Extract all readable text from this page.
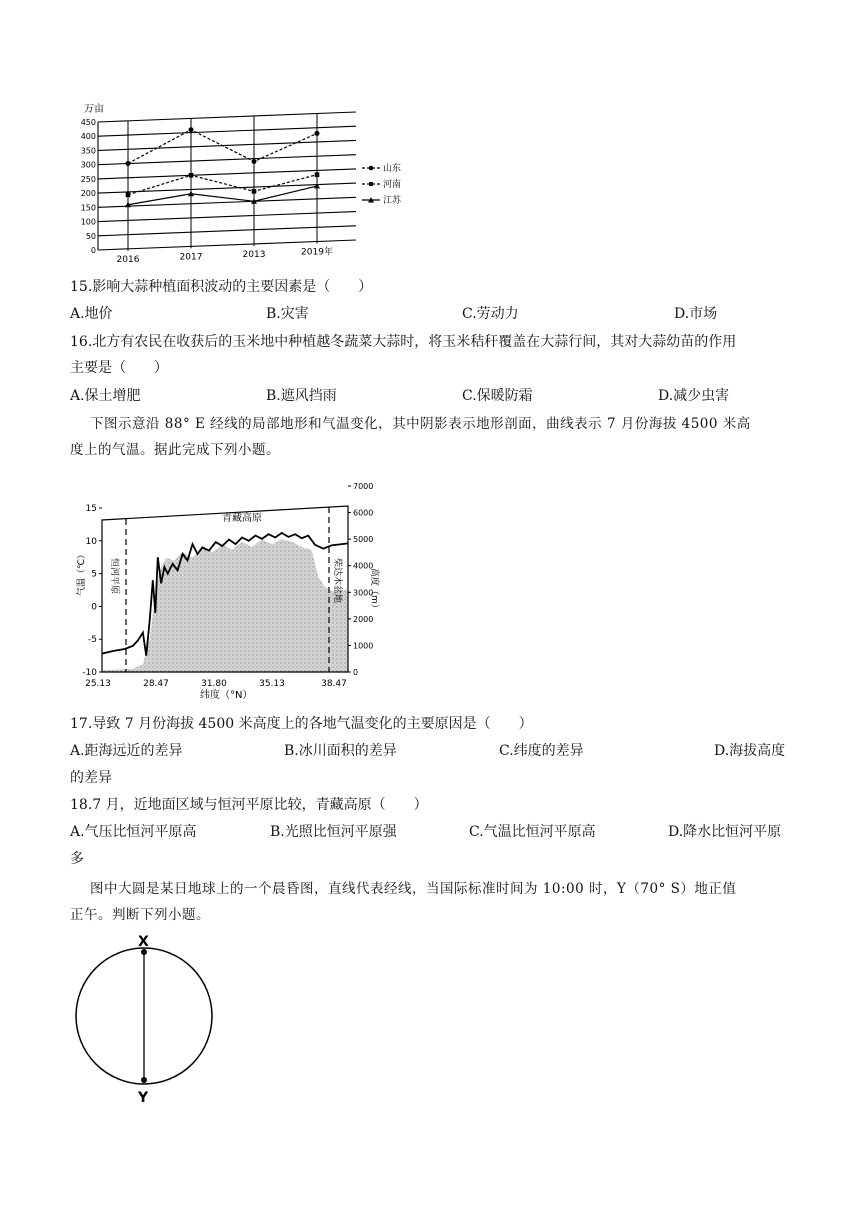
0
50
100
150
200
250
300
350
400
450
2016	2017	2013	2019年
山东
河南
江苏
万亩
15.影响大蒜种植面积波动的主要因素是（　　）
A.地价	B.灾害	C.劳动力	D.市场
16.北方有农民在收获后的玉米地中种植越冬蔬菜大蒜时，将玉米秸秆覆盖在大蒜行间，其对大蒜幼苗的作用
主要是（　　）
A.保土增肥	B.遮风挡雨	C.保暖防霜	D.减少虫害
下图示意沿 88° E 经线的局部地形和气温变化，其中阴影表示地形剖面，曲线表示 7 月份海拔 4500 米高
度上的气温。据此完成下列小题。
-10
-5
0
5
10
15
0
1000
2000
3000
4000
5000
6000
7000
25.13	28.47	31.80	35.13	38.47
青藏高原
纬度（°N）
气温（℃）	高度（m）
恒河平原	柴达木盆地
17.导致 7 月份海拔 4500 米高度上的各地气温变化的主要原因是（　　）
A.距海远近的差异	B.冰川面积的差异	C.纬度的差异	D.海拔高度
的差异
18.7 月，近地面区域与恒河平原比较，青藏高原（　　）
A.气压比恒河平原高	B.光照比恒河平原强	C.气温比恒河平原高	D.降水比恒河平原
多
图中大圆是某日地球上的一个晨昏图，直线代表经线，当国际标准时间为 10:00 时，Y（70° S）地正值
正午。判断下列小题。
X
Y
